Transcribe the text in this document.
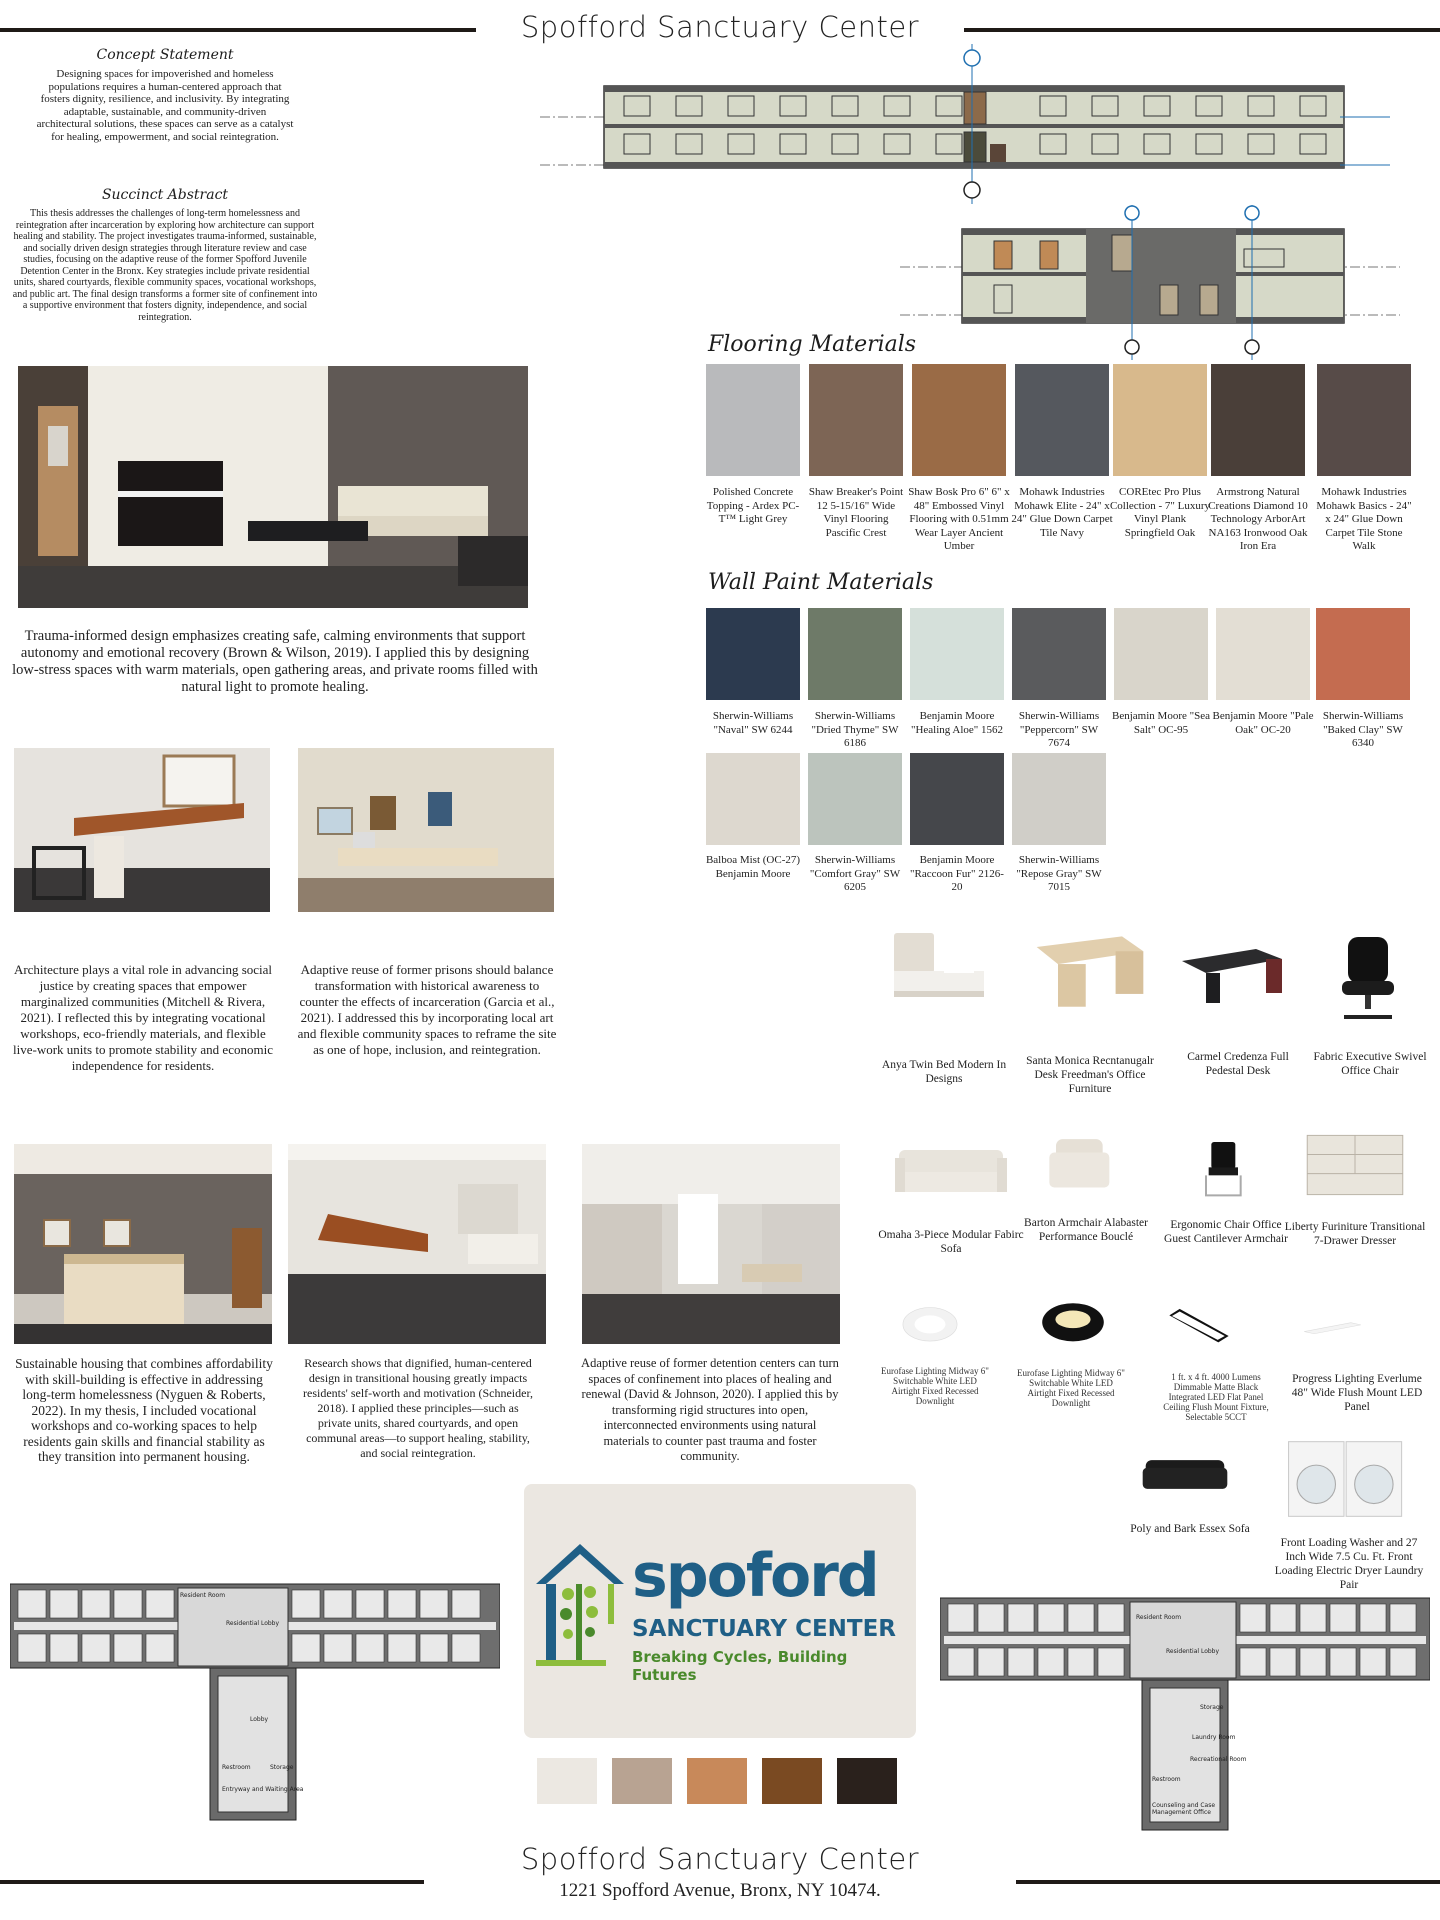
Spofford Sanctuary Center
Concept Statement
Designing spaces for impoverished and homeless populations requires a human-centered approach that fosters dignity, resilience, and inclusivity. By integrating adaptable, sustainable, and community-driven architectural solutions, these spaces can serve as a catalyst for healing, empowerment, and social reintegration.
Succinct Abstract
This thesis addresses the challenges of long-term homelessness and reintegration after incarceration by exploring how architecture can support healing and stability. The project investigates trauma-informed, sustainable, and socially driven design strategies through literature review and case studies, focusing on the adaptive reuse of the former Spofford Juvenile Detention Center in the Bronx. Key strategies include private residential units, shared courtyards, flexible community spaces, vocational workshops, and public art. The final design transforms a former site of confinement into a supportive environment that fosters dignity, independence, and social reintegration.
Trauma-informed design emphasizes creating safe, calming environments that support autonomy and emotional recovery (Brown & Wilson, 2019). I applied this by designing low-stress spaces with warm materials, open gathering areas, and private rooms filled with natural light to promote healing.
Architecture plays a vital role in advancing social justice by creating spaces that empower marginalized communities (Mitchell & Rivera, 2021). I reflected this by integrating vocational workshops, eco-friendly materials, and flexible live-work units to promote stability and economic independence for residents.
Adaptive reuse of former prisons should balance transformation with historical awareness to counter the effects of incarceration (Garcia et al., 2021). I addressed this by incorporating local art and flexible community spaces to reframe the site as one of hope, inclusion, and reintegration.
Sustainable housing that combines affordability with skill-building is effective in addressing long-term homelessness (Nyguen & Roberts, 2022). In my thesis, I included vocational workshops and co-working spaces to help residents gain skills and financial stability as they transition into permanent housing.
Research shows that dignified, human-centered design in transitional housing greatly impacts residents' self-worth and motivation (Schneider, 2018). I applied these principles—such as private units, shared courtyards, and open communal areas—to support healing, stability, and social reintegration.
Adaptive reuse of former detention centers can turn spaces of confinement into places of healing and renewal (David & Johnson, 2020). I applied this by transforming rigid structures into open, interconnected environments using natural materials to counter past trauma and foster community.
Flooring Materials
Polished Concrete Topping - Ardex PC-T™ Light Grey
Shaw Breaker's Point 12 5-15/16" Wide Vinyl Flooring Pascific Crest
Shaw Bosk Pro 6" 6" x 48" Embossed Vinyl Flooring with 0.51mm Wear Layer Ancient Umber
Mohawk Industries Mohawk Elite - 24" x 24" Glue Down Carpet Tile Navy
COREtec Pro Plus Collection - 7" Luxury Vinyl Plank Springfield Oak
Armstrong Natural Creations Diamond 10 Technology ArborArt NA163 Ironwood Oak Iron Era
Mohawk Industries Mohawk Basics - 24" x 24" Glue Down Carpet Tile Stone Walk
Wall Paint Materials
Sherwin-Williams "Naval" SW 6244
Sherwin-Williams "Dried Thyme" SW 6186
Benjamin Moore "Healing Aloe" 1562
Sherwin-Williams "Peppercorn" SW 7674
Benjamin Moore "Sea Salt" OC-95
Benjamin Moore "Pale Oak" OC-20
Sherwin-Williams "Baked Clay" SW 6340
Balboa Mist (OC-27) Benjamin Moore
Sherwin-Williams "Comfort Gray" SW 6205
Benjamin Moore "Raccoon Fur" 2126-20
Sherwin-Williams "Repose Gray" SW 7015
Anya Twin Bed Modern In Designs
Santa Monica Recntanugalr Desk Freedman's Office Furniture
Carmel Credenza Full Pedestal Desk
Fabric Executive Swivel Office Chair
Omaha 3-Piece Modular Fabirc Sofa
Barton Armchair Alabaster Performance Bouclé
Ergonomic Chair Office Guest Cantilever Armchair
Liberty Furiniture Transitional 7-Drawer Dresser
Eurofase Lighting Midway 6" Switchable White LED Airtight Fixed Recessed Downlight
Eurofase Lighting Midway 6" Switchable White LED Airtight Fixed Recessed Downlight
1 ft. x 4 ft. 4000 Lumens Dimmable Matte Black Integrated LED Flat Panel Ceiling Flush Mount Fixture, Selectable 5CCT
Progress Lighting Everlume 48" Wide Flush Mount LED Panel
Poly and Bark Essex Sofa
Front Loading Washer and 27 Inch Wide 7.5 Cu. Ft. Front Loading Electric Dryer Laundry Pair
spoford
SANCTUARY CENTER
Breaking Cycles, Building Futures
Resident Room
Residential Lobby
Lobby
Restroom	Storage
Entryway and Waiting Area
Resident Room
Residential Lobby
Storage
Laundry Room
Recreational Room
Restroom
Counseling and Case Management Office
Spofford Sanctuary Center
1221 Spofford Avenue, Bronx, NY 10474.
